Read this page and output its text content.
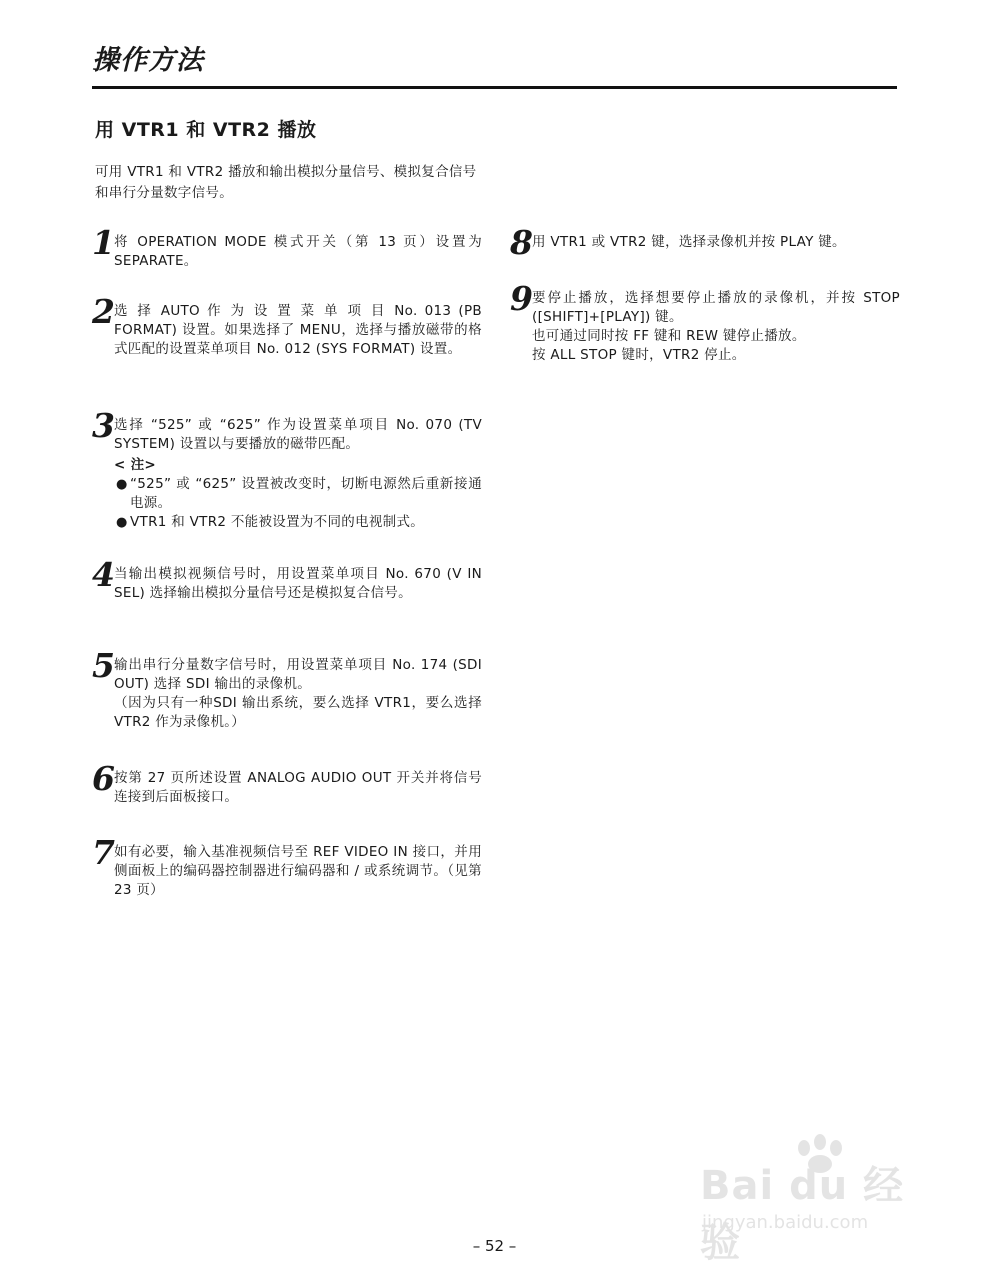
操作方法
用 VTR1 和 VTR2 播放

可用 VTR1 和 VTR2 播放和输出模拟分量信号、模拟复合信号和串行分量数字信号。

1 将 OPERATION MODE 模式开关（第 13 页）设置为 SEPARATE。

2 选 择 AUTO 作 为 设 置 菜 单 项 目 No. 013 (PB FORMAT) 设置。如果选择了 MENU，选择与播放磁带的格式匹配的设置菜单项目 No. 012 (SYS FORMAT) 设置。

3 选择 “525” 或 “625” 作为设置菜单项目 No. 070 (TV SYSTEM) 设置以与要播放的磁带匹配。

< 注>

● “525” 或 “625” 设置被改变时，切断电源然后重新接通电源。

● VTR1 和 VTR2 不能被设置为不同的电视制式。

4 当输出模拟视频信号时，用设置菜单项目 No. 670 (V IN SEL) 选择输出模拟分量信号还是模拟复合信号。

5 输出串行分量数字信号时，用设置菜单项目 No. 174 (SDI OUT) 选择 SDI 输出的录像机。

（因为只有一种SDI 输出系统，要么选择 VTR1，要么选择 VTR2 作为录像机。）

6 按第 27 页所述设置 ANALOG AUDIO OUT 开关并将信号连接到后面板接口。

7 如有必要，输入基准视频信号至 REF VIDEO IN 接口，并用侧面板上的编码器控制器进行编码器和 / 或系统调节。（见第 23 页）

8 用 VTR1 或 VTR2 键，选择录像机并按 PLAY 键。

9 要停止播放，选择想要停止播放的录像机，并按 STOP ([SHIFT]+[PLAY]) 键。

也可通过同时按 FF 键和 REW 键停止播放。

按 ALL STOP 键时，VTR2 停止。

Bai du 经验
jingyan.baidu.com

– 52 –
